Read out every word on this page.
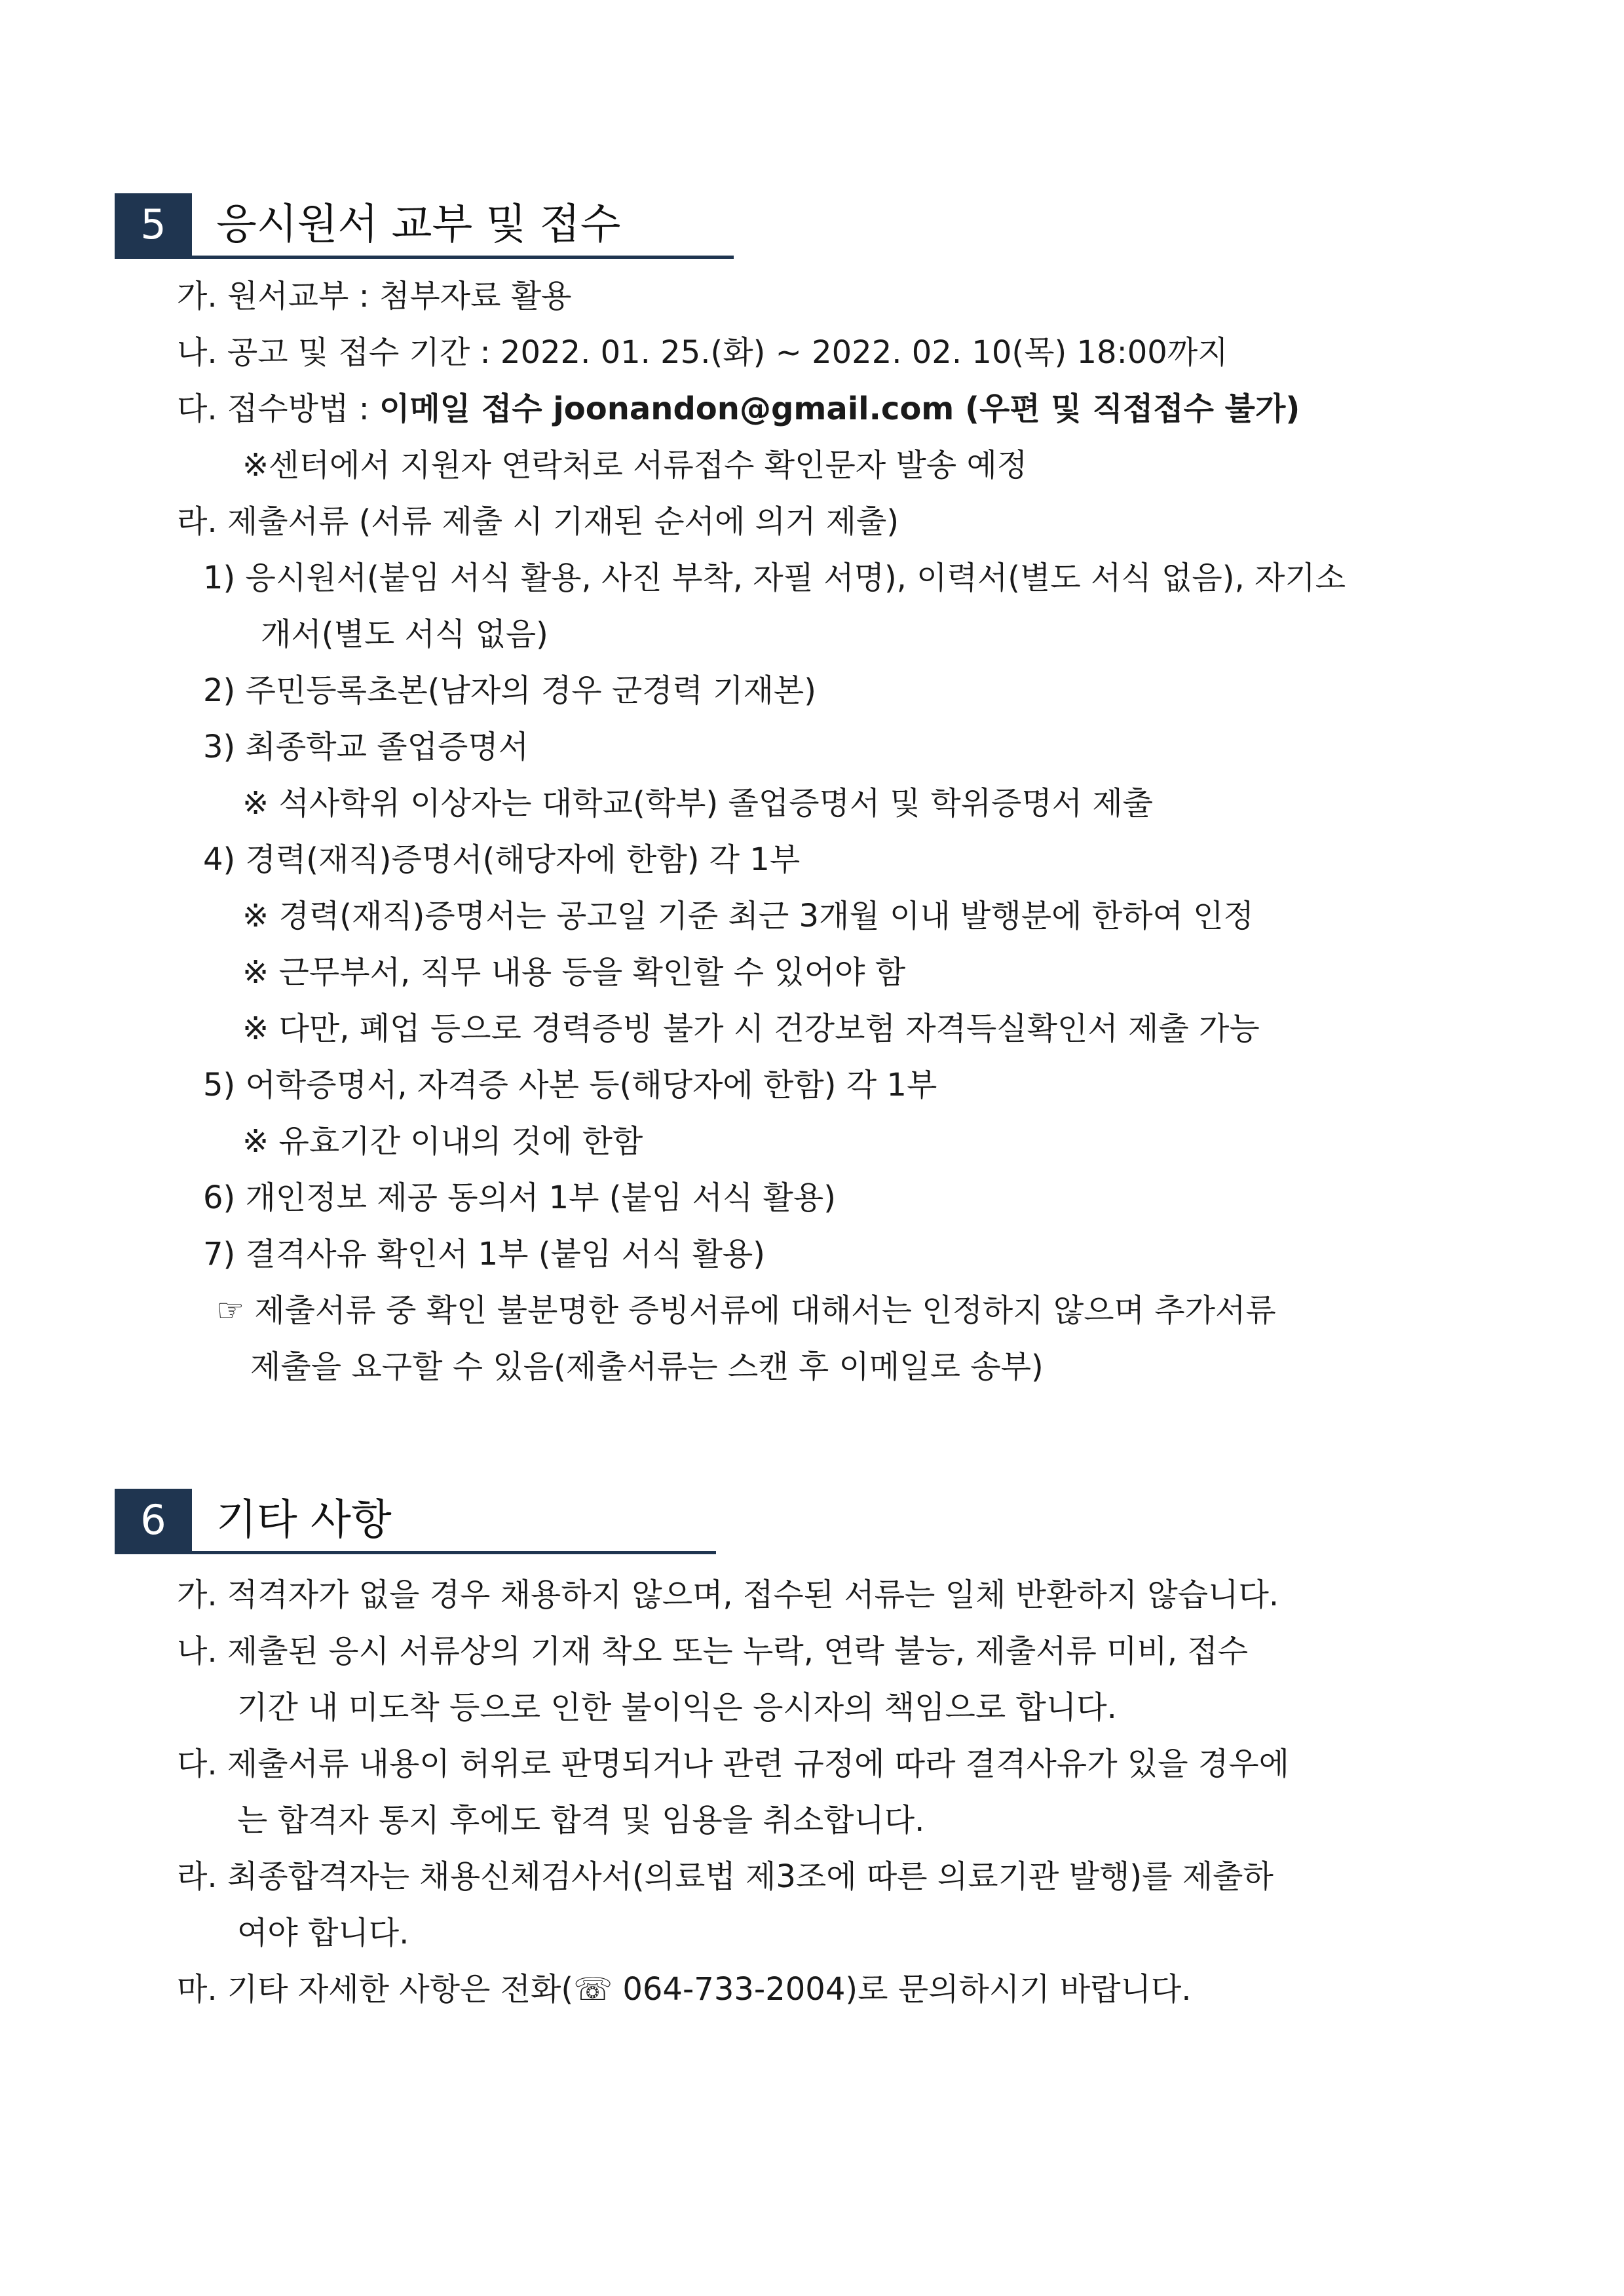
5	응시원서 교부 및 접수
가. 원서교부 : 첨부자료 활용
나. 공고 및 접수 기간 : 2022. 01. 25.(화) ~ 2022. 02. 10(목) 18:00까지
다. 접수방법 : 이메일 접수 joonandon@gmail.com (우편 및 직접접수 불가)
※센터에서 지원자 연락처로 서류접수 확인문자 발송 예정
라. 제출서류 (서류 제출 시 기재된 순서에 의거 제출)
1) 응시원서(붙임 서식 활용, 사진 부착, 자필 서명), 이력서(별도 서식 없음), 자기소
개서(별도 서식 없음)
2) 주민등록초본(남자의 경우 군경력 기재본)
3) 최종학교 졸업증명서
※ 석사학위 이상자는 대학교(학부) 졸업증명서 및 학위증명서 제출
4) 경력(재직)증명서(해당자에 한함) 각 1부
※ 경력(재직)증명서는 공고일 기준 최근 3개월 이내 발행분에 한하여 인정
※ 근무부서, 직무 내용 등을 확인할 수 있어야 함
※ 다만, 폐업 등으로 경력증빙 불가 시 건강보험 자격득실확인서 제출 가능
5) 어학증명서, 자격증 사본 등(해당자에 한함) 각 1부
※ 유효기간 이내의 것에 한함
6) 개인정보 제공 동의서 1부 (붙임 서식 활용)
7) 결격사유 확인서 1부 (붙임 서식 활용)
☞ 제출서류 중 확인 불분명한 증빙서류에 대해서는 인정하지 않으며 추가서류
제출을 요구할 수 있음(제출서류는 스캔 후 이메일로 송부)
6	기타 사항
가. 적격자가 없을 경우 채용하지 않으며, 접수된 서류는 일체 반환하지 않습니다.
나. 제출된 응시 서류상의 기재 착오 또는 누락, 연락 불능, 제출서류 미비, 접수
기간 내 미도착 등으로 인한 불이익은 응시자의 책임으로 합니다.
다. 제출서류 내용이 허위로 판명되거나 관련 규정에 따라 결격사유가 있을 경우에
는 합격자 통지 후에도 합격 및 임용을 취소합니다.
라. 최종합격자는 채용신체검사서(의료법 제3조에 따른 의료기관 발행)를 제출하
여야 합니다.
마. 기타 자세한 사항은 전화(☏ 064-733-2004)로 문의하시기 바랍니다.
